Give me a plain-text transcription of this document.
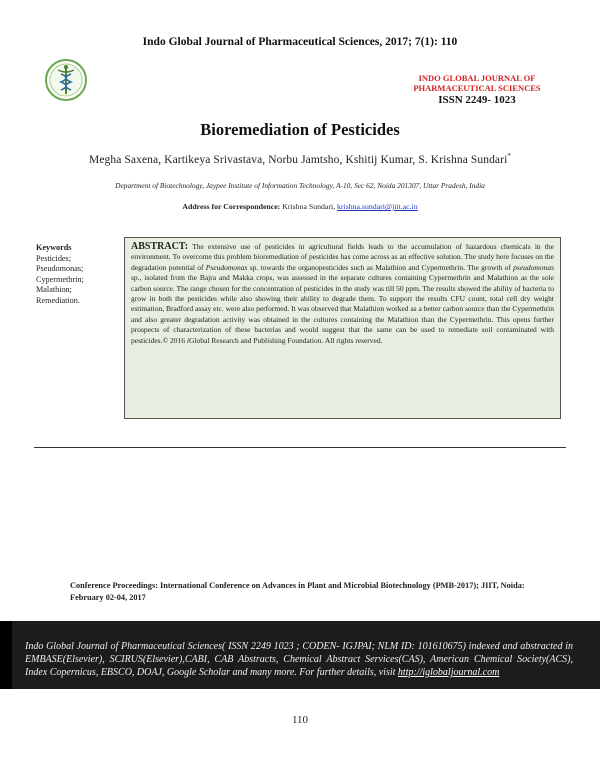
Indo Global Journal of Pharmaceutical Sciences, 2017; 7(1): 110
INDO GLOBAL JOURNAL OF PHARMACEUTICAL SCIENCES
ISSN 2249- 1023
Bioremediation of Pesticides
Megha Saxena, Kartikeya Srivastava, Norbu Jamtsho, Kshitij Kumar, S. Krishna Sundari*
Department of Biotechnology, Jaypee Institute of Information Technology, A-10, Sec 62, Noida 201307, Uttar Pradesh, India
Address for Correspondence: Krishna Sundari, krishna.sundari@jiit.ac.in
Keywords
Pesticides;
Pseudomonas;
Cypermethrin;
Malathion;
Remediation.
ABSTRACT: The extensive use of pesticides in agricultural fields leads to the accumulation of hazardous chemicals in the environment. To overcome this problem bioremediation of pesticides has come across as an effective solution. The study here focuses on the degradation potential of Pseudomonas sp. towards the organopesticides such as Malathion and Cypermethrin. The growth of pseudomonas sp., isolated from the Bajra and Makka crops, was assessed in the separate cultures containing Cypermethrin and Malathion as the sole carbon source. The range chosen for the concentration of pesticides in the study was till 50 ppm. The results showed the ability of bacteria to grow in both the pesticides while also showing their ability to degrade them. To support the results CFU count, total cell dry weight estimation, Bradford assay etc. were also performed. It was observed that Malathion worked as a better carbon source than the Cypermethrin and also greater degradation activity was obtained in the cultures containing the Malathion than the Cypermethrin. This opens further prospects of characterization of these bacterias and would suggest that the same can be used to remediate soil contaminated with pesticides.© 2016 iGlobal Research and Publishing Foundation. All rights reserved.
Conference Proceedings: International Conference on Advances in Plant and Microbial Biotechnology (PMB-2017); JIIT, Noida: February 02-04, 2017
Indo Global Journal of Pharmaceutical Sciences( ISSN 2249 1023 ; CODEN- IGJPAI; NLM ID: 101610675) indexed and abstracted in EMBASE(Elsevier), SCIRUS(Elsevier),CABI, CAB Abstracts, Chemical Abstract Services(CAS), American Chemical Society(ACS), Index Copernicus, EBSCO, DOAJ, Google Scholar and many more. For further details, visit http://iglobaljournal.com
110
